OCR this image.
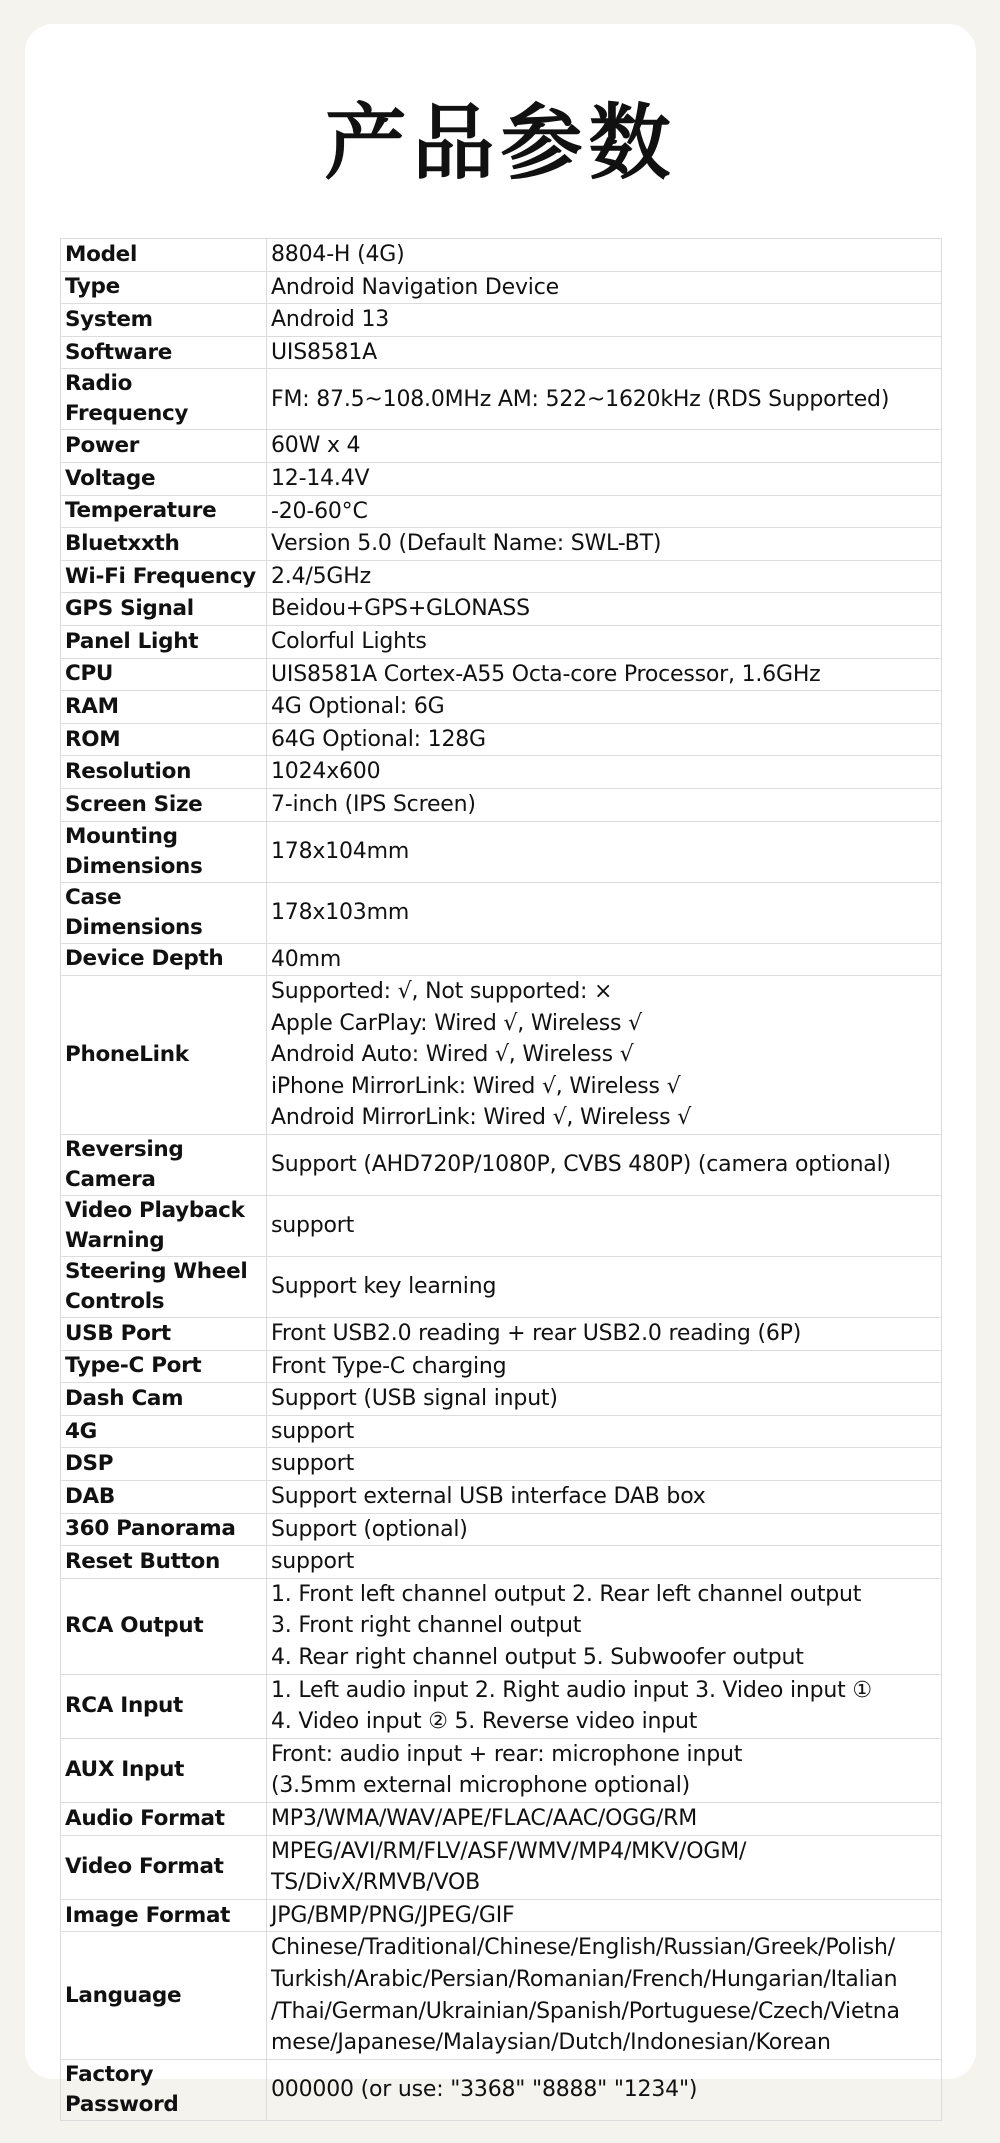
产品参数
Model	8804-H (4G)

Type	Android Navigation Device

System	Android 13

Software	UIS8581A

Radio Frequency	FM: 87.5~108.0MHz AM: 522~1620kHz (RDS Supported)

Power	60W x 4

Voltage	12-14.4V

Temperature	-20-60°C

Bluetxxth	Version 5.0 (Default Name: SWL-BT)

Wi-Fi Frequency	2.4/5GHz

GPS Signal	Beidou+GPS+GLONASS

Panel Light	Colorful Lights

CPU	UIS8581A Cortex-A55 Octa-core Processor, 1.6GHz

RAM	4G Optional: 6G

ROM	64G Optional: 128G

Resolution	1024x600

Screen Size	7-inch (IPS Screen)

Mounting Dimensions	178x104mm

Case Dimensions	178x103mm

Device Depth	40mm

PhoneLink	Supported: √, Not supported: ×
Apple CarPlay: Wired √, Wireless √
Android Auto: Wired √, Wireless √
iPhone MirrorLink: Wired √, Wireless √
Android MirrorLink: Wired √, Wireless √

Reversing Camera	Support (AHD720P/1080P, CVBS 480P) (camera optional)

Video Playback Warning	support

Steering Wheel Controls	Support key learning

USB Port	Front USB2.0 reading + rear USB2.0 reading (6P)

Type-C Port	Front Type-C charging

Dash Cam	Support (USB signal input)

4G	support

DSP	support

DAB	Support external USB interface DAB box

360 Panorama	Support (optional)

Reset Button	support

RCA Output	1. Front left channel output 2. Rear left channel output
3. Front right channel output
4. Rear right channel output 5. Subwoofer output

RCA Input	1. Left audio input 2. Right audio input 3. Video input ①
4. Video input ② 5. Reverse video input

AUX Input	Front: audio input + rear: microphone input
(3.5mm external microphone optional)

Audio Format	MP3/WMA/WAV/APE/FLAC/AAC/OGG/RM

Video Format	MPEG/AVI/RM/FLV/ASF/WMV/MP4/MKV/OGM/
TS/DivX/RMVB/VOB

Image Format	JPG/BMP/PNG/JPEG/GIF

Language	Chinese/Traditional/Chinese/English/Russian/Greek/Polish/
Turkish/Arabic/Persian/Romanian/French/Hungarian/Italian
/Thai/German/Ukrainian/Spanish/Portuguese/Czech/Vietna
mese/Japanese/Malaysian/Dutch/Indonesian/Korean

Factory Password	000000 (or use: "3368" "8888" "1234")
